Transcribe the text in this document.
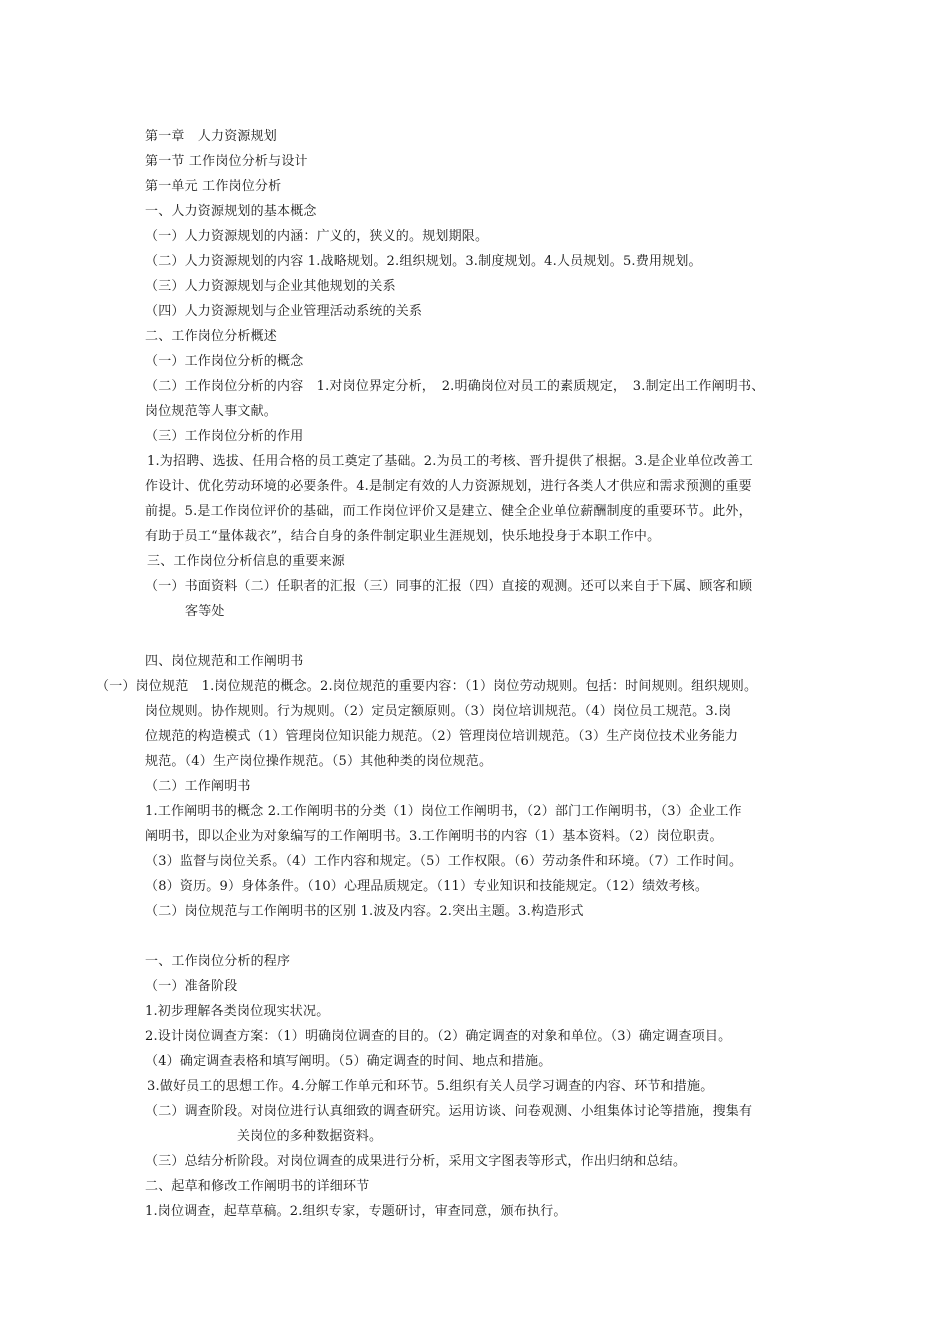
第一章　人力资源规划
第一节 工作岗位分析与设计
第一单元 工作岗位分析
一、人力资源规划的基本概念
（一）人力资源规划的内涵：广义的，狭义的。规划期限。
（二）人力资源规划的内容 1.战略规划。2.组织规划。3.制度规划。4.人员规划。5.费用规划。
（三）人力资源规划与企业其他规划的关系
（四）人力资源规划与企业管理活动系统的关系
二、工作岗位分析概述
（一）工作岗位分析的概念
（二）工作岗位分析的内容　1.对岗位界定分析，　2.明确岗位对员工的素质规定，　3.制定出工作阐明书、
岗位规范等人事文献。
（三）工作岗位分析的作用
1.为招聘、选拔、任用合格的员工奠定了基础。2.为员工的考核、晋升提供了根据。3.是企业单位改善工
作设计、优化劳动环境的必要条件。4.是制定有效的人力资源规划，进行各类人才供应和需求预测的重要
前提。5.是工作岗位评价的基础，而工作岗位评价又是建立、健全企业单位薪酬制度的重要环节。此外，
有助于员工“量体裁衣”，结合自身的条件制定职业生涯规划，快乐地投身于本职工作中。
三、工作岗位分析信息的重要来源
（一）书面资料（二）任职者的汇报（三）同事的汇报（四）直接的观测。还可以来自于下属、顾客和顾
客等处
四、岗位规范和工作阐明书
（一）岗位规范　1.岗位规范的概念。2.岗位规范的重要内容：（1）岗位劳动规则。包括：时间规则。组织规则。
岗位规则。协作规则。行为规则。（2）定员定额原则。（3）岗位培训规范。（4）岗位员工规范。3.岗
位规范的构造模式（1）管理岗位知识能力规范。（2）管理岗位培训规范。（3）生产岗位技术业务能力
规范。（4）生产岗位操作规范。（5）其他种类的岗位规范。
（二）工作阐明书
1.工作阐明书的概念 2.工作阐明书的分类（1）岗位工作阐明书，（2）部门工作阐明书，（3）企业工作
阐明书，即以企业为对象编写的工作阐明书。3.工作阐明书的内容（1）基本资料。（2）岗位职责。
（3）监督与岗位关系。（4）工作内容和规定。（5）工作权限。（6）劳动条件和环境。（7）工作时间。
（8）资历。9）身体条件。（10）心理品质规定。（11）专业知识和技能规定。（12）绩效考核。
（二）岗位规范与工作阐明书的区别 1.波及内容。2.突出主题。3.构造形式
一、工作岗位分析的程序
（一）准备阶段
1.初步理解各类岗位现实状况。
2.设计岗位调查方案：（1）明确岗位调查的目的。（2）确定调查的对象和单位。（3）确定调查项目。
（4）确定调查表格和填写阐明。（5）确定调查的时间、地点和措施。
3.做好员工的思想工作。4.分解工作单元和环节。5.组织有关人员学习调查的内容、环节和措施。
（二）调查阶段。对岗位进行认真细致的调查研究。运用访谈、问卷观测、小组集体讨论等措施，搜集有
关岗位的多种数据资料。
（三）总结分析阶段。对岗位调查的成果进行分析，采用文字图表等形式，作出归纳和总结。
二、起草和修改工作阐明书的详细环节
1.岗位调查，起草草稿。2.组织专家，专题研讨，审查同意，颁布执行。
